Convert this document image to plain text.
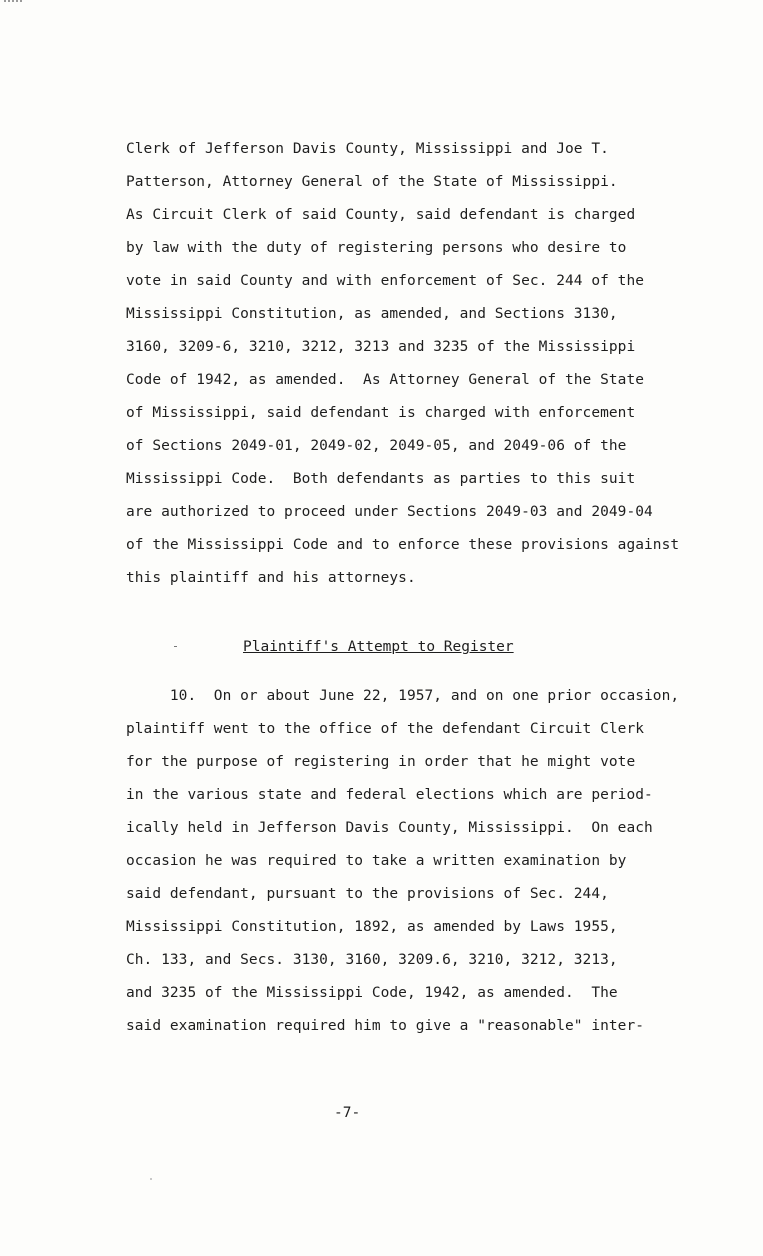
Clerk of Jefferson Davis County, Mississippi and Joe T.
Patterson, Attorney General of the State of Mississippi.
As Circuit Clerk of said County, said defendant is charged
by law with the duty of registering persons who desire to
vote in said County and with enforcement of Sec. 244 of the
Mississippi Constitution, as amended, and Sections 3130,
3160, 3209-6, 3210, 3212, 3213 and 3235 of the Mississippi
Code of 1942, as amended.  As Attorney General of the State
of Mississippi, said defendant is charged with enforcement
of Sections 2049-01, 2049-02, 2049-05, and 2049-06 of the
Mississippi Code.  Both defendants as parties to this suit
are authorized to proceed under Sections 2049-03 and 2049-04
of the Mississippi Code and to enforce these provisions against
this plaintiff and his attorneys.
Plaintiff's Attempt to Register
10.  On or about June 22, 1957, and on one prior occasion,
plaintiff went to the office of the defendant Circuit Clerk
for the purpose of registering in order that he might vote
in the various state and federal elections which are period-
ically held in Jefferson Davis County, Mississippi.  On each
occasion he was required to take a written examination by
said defendant, pursuant to the provisions of Sec. 244,
Mississippi Constitution, 1892, as amended by Laws 1955,
Ch. 133, and Secs. 3130, 3160, 3209.6, 3210, 3212, 3213,
and 3235 of the Mississippi Code, 1942, as amended.  The
said examination required him to give a "reasonable" inter-
-7-
